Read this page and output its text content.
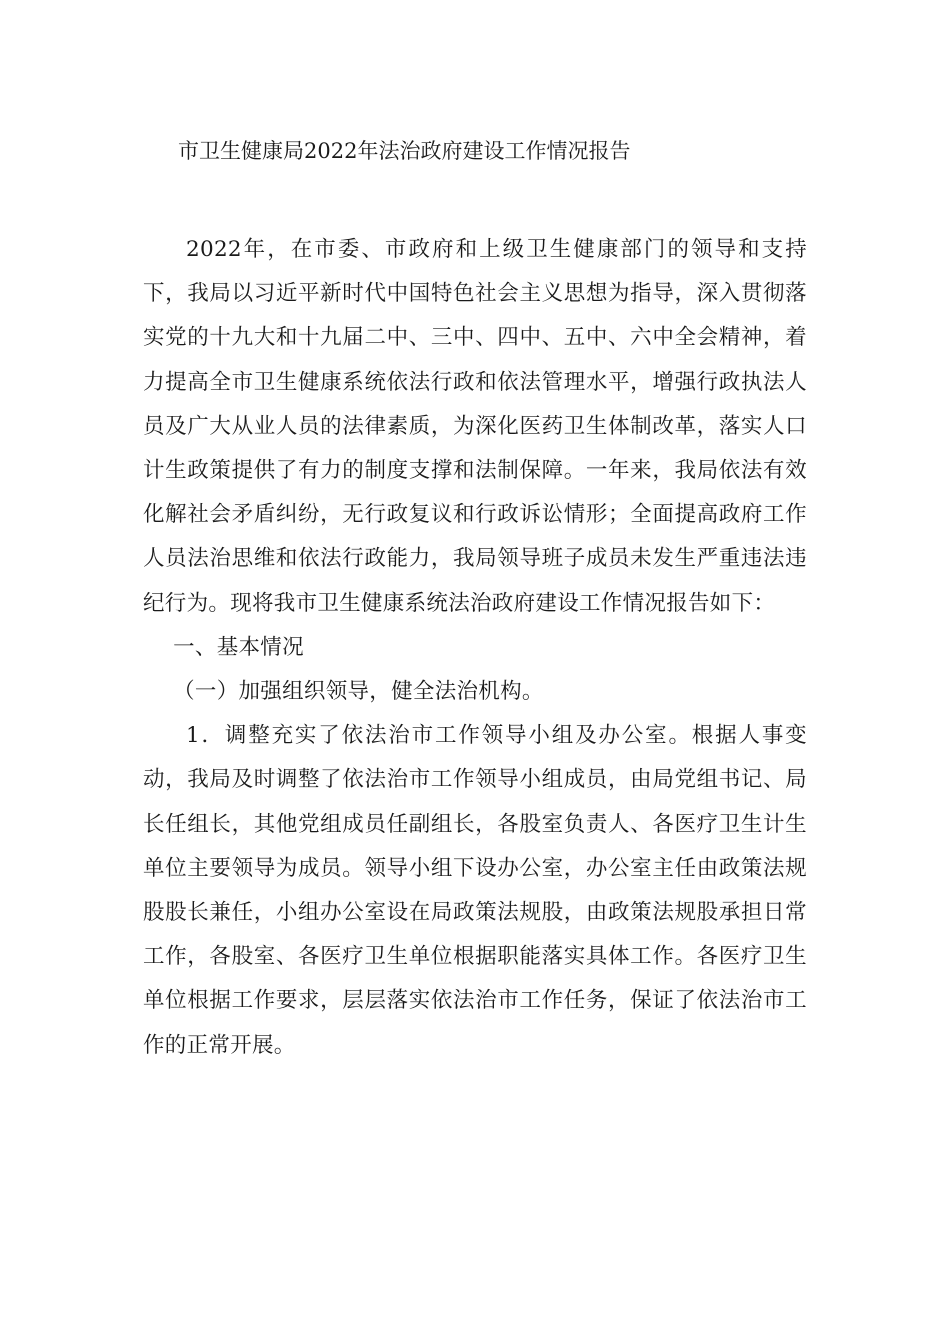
市卫生健康局2022年法治政府建设工作情况报告

2022年，在市委、市政府和上级卫生健康部门的领导和支持下，我局以习近平新时代中国特色社会主义思想为指导，深入贯彻落实党的十九大和十九届二中、三中、四中、五中、六中全会精神，着力提高全市卫生健康系统依法行政和依法管理水平，增强行政执法人员及广大从业人员的法律素质，为深化医药卫生体制改革，落实人口计生政策提供了有力的制度支撑和法制保障。一年来，我局依法有效化解社会矛盾纠纷，无行政复议和行政诉讼情形；全面提高政府工作人员法治思维和依法行政能力，我局领导班子成员未发生严重违法违纪行为。现将我市卫生健康系统法治政府建设工作情况报告如下：

一、基本情况

（一）加强组织领导，健全法治机构。

1．调整充实了依法治市工作领导小组及办公室。根据人事变动，我局及时调整了依法治市工作领导小组成员，由局党组书记、局长任组长，其他党组成员任副组长，各股室负责人、各医疗卫生计生单位主要领导为成员。领导小组下设办公室，办公室主任由政策法规股股长兼任，小组办公室设在局政策法规股，由政策法规股承担日常工作，各股室、各医疗卫生单位根据职能落实具体工作。各医疗卫生单位根据工作要求，层层落实依法治市工作任务，保证了依法治市工作的正常开展。
